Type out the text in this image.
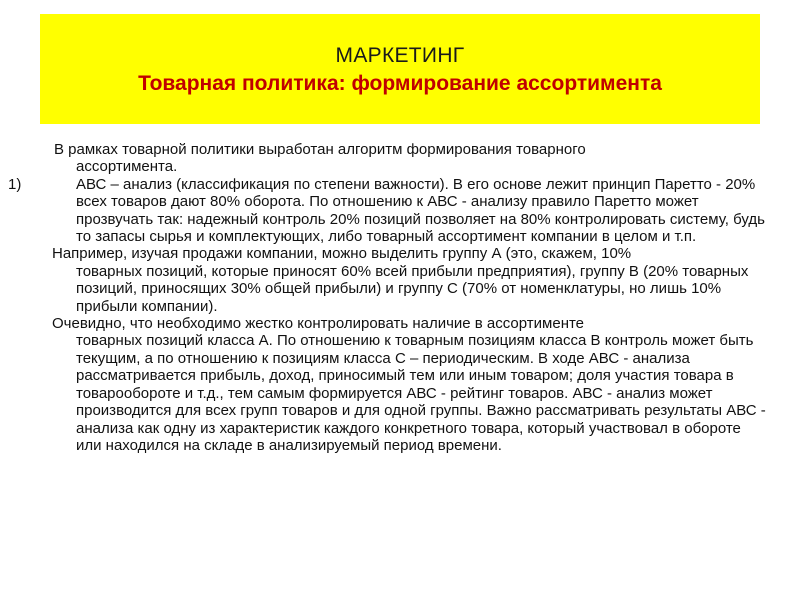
МАРКЕТИНГ
Товарная политика: формирование ассортимента

В рамках товарной политики выработан алгоритм формирования товарного
ассортимента.

1)	АВС – анализ (классификация по степени важности). В его основе лежит принцип Паретто - 20% всех товаров дают 80% оборота. По отношению к АВС - анализу правило Паретто может прозвучать так: надежный контроль 20% позиций позволяет на 80% контролировать систему, будь то запасы сырья и комплектующих, либо товарный ассортимент компании в целом и т.п.

Например, изучая продажи компании, можно выделить группу А (это, скажем, 10%
товарных позиций, которые приносят 60% всей прибыли предприятия), группу В (20% товарных позиций, приносящих 30% общей прибыли) и группу С (70% от номенклатуры, но лишь 10% прибыли компании).

Очевидно, что необходимо жестко контролировать наличие в ассортименте
товарных позиций класса А. По отношению к товарным позициям класса В контроль может быть текущим, а по отношению к позициям класса С – периодическим. В ходе АВС - анализа рассматривается прибыль, доход, приносимый тем или иным товаром; доля участия товара в товарообороте и т.д., тем самым формируется АВС - рейтинг товаров. АВС - анализ может производится для всех групп товаров и для одной группы. Важно рассматривать результаты АВС - анализа как одну из характеристик каждого конкретного товара, который участвовал в обороте или находился на складе в анализируемый период времени.
